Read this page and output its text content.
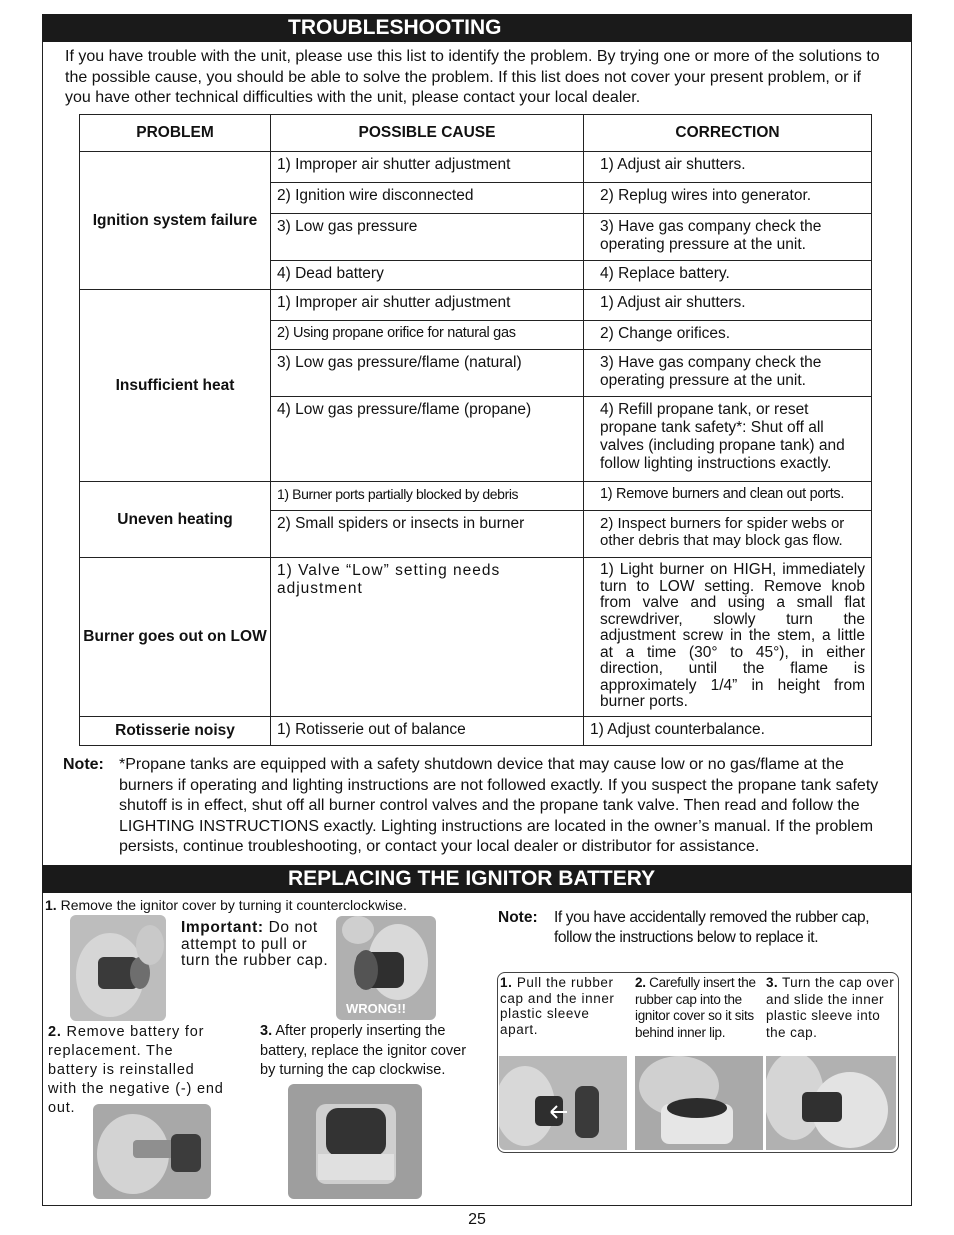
TROUBLESHOOTING
If you have trouble with the unit, please use this list to identify the problem. By trying one or more of the solutions to the possible cause, you should be able to solve the problem. If this list does not cover your present problem, or if you have other technical difficulties with the unit, please contact your local dealer.
PROBLEM	POSSIBLE CAUSE	CORRECTION
Ignition system failure	1) Improper air shutter adjustment	1) Adjust air shutters.
	2) Ignition wire disconnected	2) Replug wires into generator.
	3) Low gas pressure	3) Have gas company check the operating pressure at the unit.
	4) Dead battery	4) Replace battery.
Insufficient heat	1) Improper air shutter adjustment	1) Adjust air shutters.
	2) Using propane orifice for natural gas	2) Change orifices.
	3) Low gas pressure/flame (natural)	3) Have gas company check the operating pressure at the unit.
	4) Low gas pressure/flame (propane)	4) Refill propane tank, or reset propane tank safety*: Shut off all valves (including propane tank) and follow lighting instructions exactly.
Uneven heating	1) Burner ports partially blocked by debris	1) Remove burners and clean out ports.
	2) Small spiders or insects in burner	2) Inspect burners for spider webs or other debris that may block gas flow.
Burner goes out on LOW	1) Valve “Low” setting needs adjustment	1) Light burner on HIGH, immediately turn to LOW setting. Remove knob from valve and using a small flat screwdriver, slowly turn the adjustment screw in the stem, a little at a time (30° to 45°), in either direction, until the flame is approximately 1/4” in height from burner ports.
Rotisserie noisy	1) Rotisserie out of balance	1) Adjust counterbalance.
Note: *Propane tanks are equipped with a safety shutdown device that may cause low or no gas/flame at the burners if operating and lighting instructions are not followed exactly. If you suspect the propane tank safety shutoff is in effect, shut off all burner control valves and the propane tank valve. Then read and follow the LIGHTING INSTRUCTIONS exactly. Lighting instructions are located in the owner’s manual. If the problem persists, continue troubleshooting, or contact your local dealer or distributor for assistance.
REPLACING THE IGNITOR BATTERY
1. Remove the ignitor cover by turning it counterclockwise.
Important: Do not attempt to pull or turn the rubber cap.
WRONG!!
2. Remove battery for replacement. The battery is reinstalled with the negative (-) end out.
3. After properly inserting the battery, replace the ignitor cover by turning the cap clockwise.
Note: If you have accidentally removed the rubber cap, follow the instructions below to replace it.
1. Pull the rubber cap and the inner plastic sleeve apart.
2. Carefully insert the rubber cap into the ignitor cover so it sits behind inner lip.
3. Turn the cap over and slide the inner plastic sleeve into the cap.
25
